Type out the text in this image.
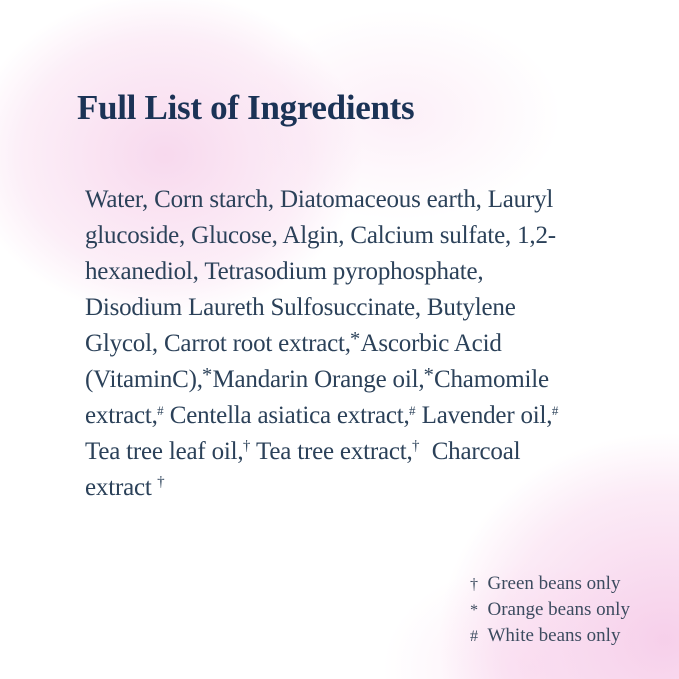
Full List of Ingredients
Water, Corn starch, Diatomaceous earth, Lauryl
glucoside, Glucose, Algin, Calcium sulfate, 1,2-
hexanediol, Tetrasodium pyrophosphate,
Disodium Laureth Sulfosuccinate, Butylene
Glycol, Carrot root extract,*Ascorbic Acid
(VitaminC),*Mandarin Orange oil,*Chamomile
extract,# Centella asiatica extract,# Lavender oil,#
Tea tree leaf oil,† Tea tree extract,†  Charcoal
extract †

† Green beans only

* Orange beans only

# White beans only
